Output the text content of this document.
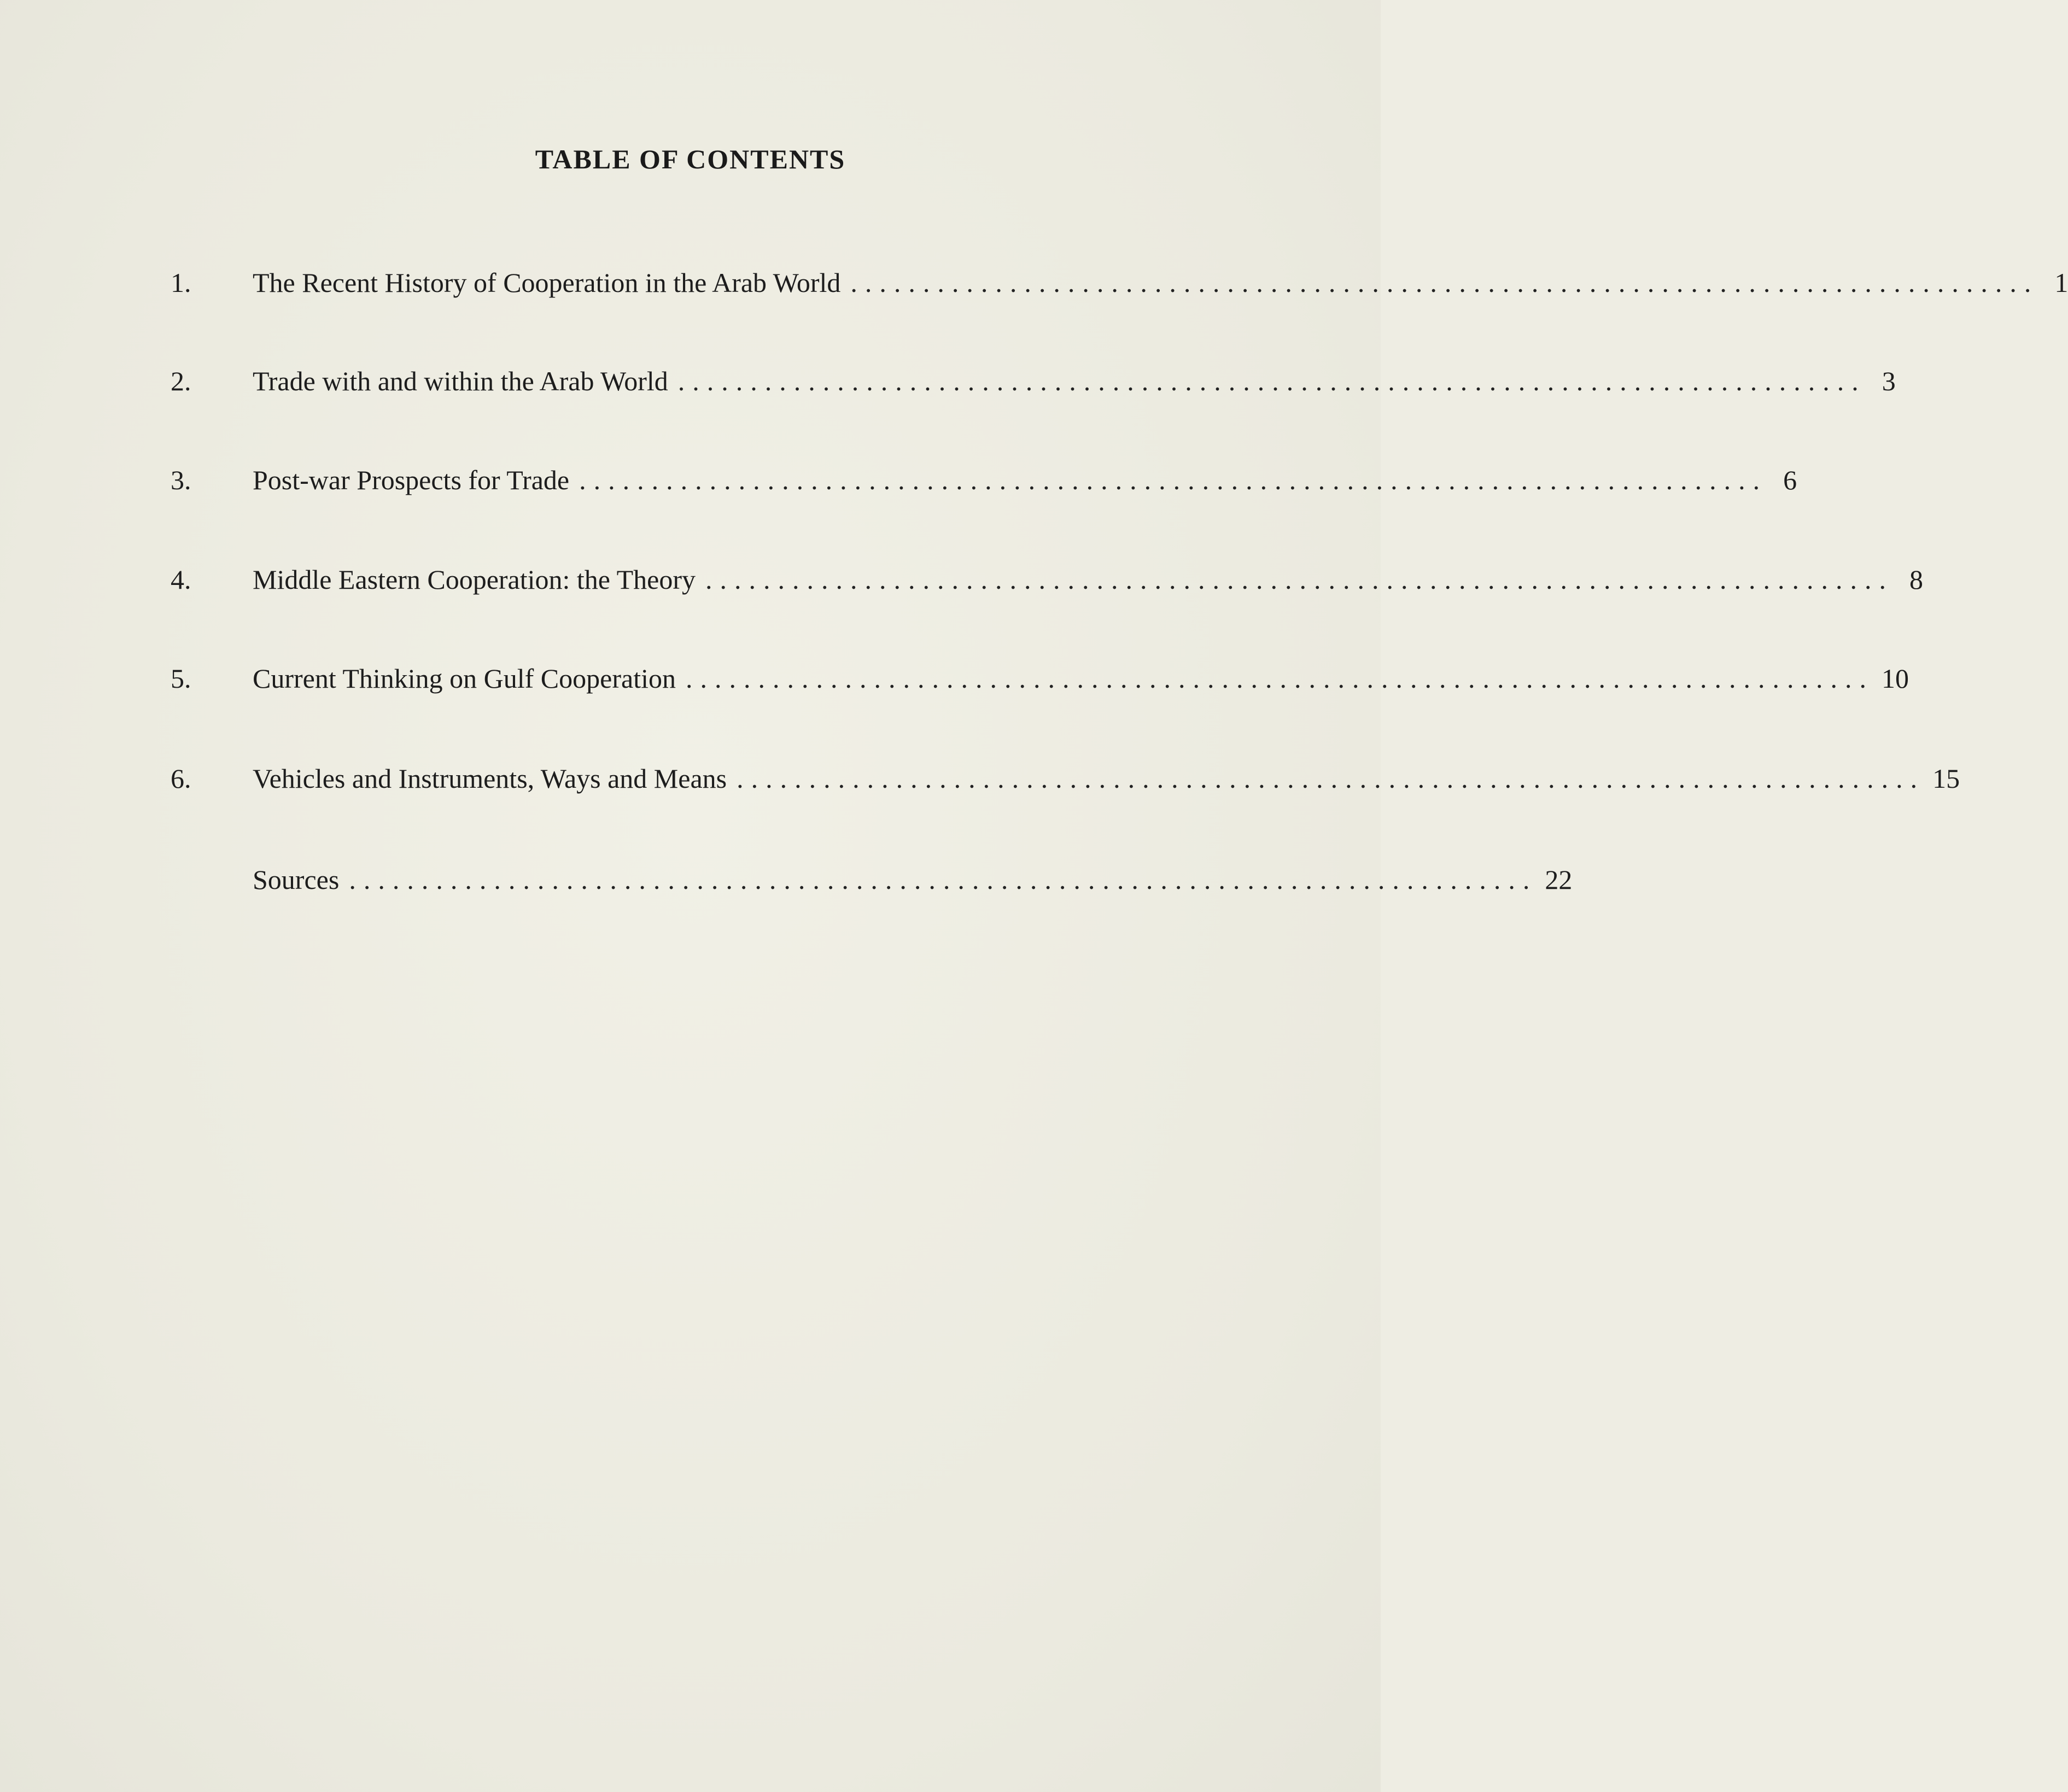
TABLE OF CONTENTS
1. The Recent History of Cooperation in the Arab World .................................................................................. 1
2. Trade with and within the Arab World .................................................................................. 3
3. Post-war Prospects for Trade .................................................................................. 6
4. Middle Eastern Cooperation: the Theory .................................................................................. 8
5. Current Thinking on Gulf Cooperation .................................................................................. 10
6. Vehicles and Instruments, Ways and Means .................................................................................. 15
Sources .................................................................................. 22
